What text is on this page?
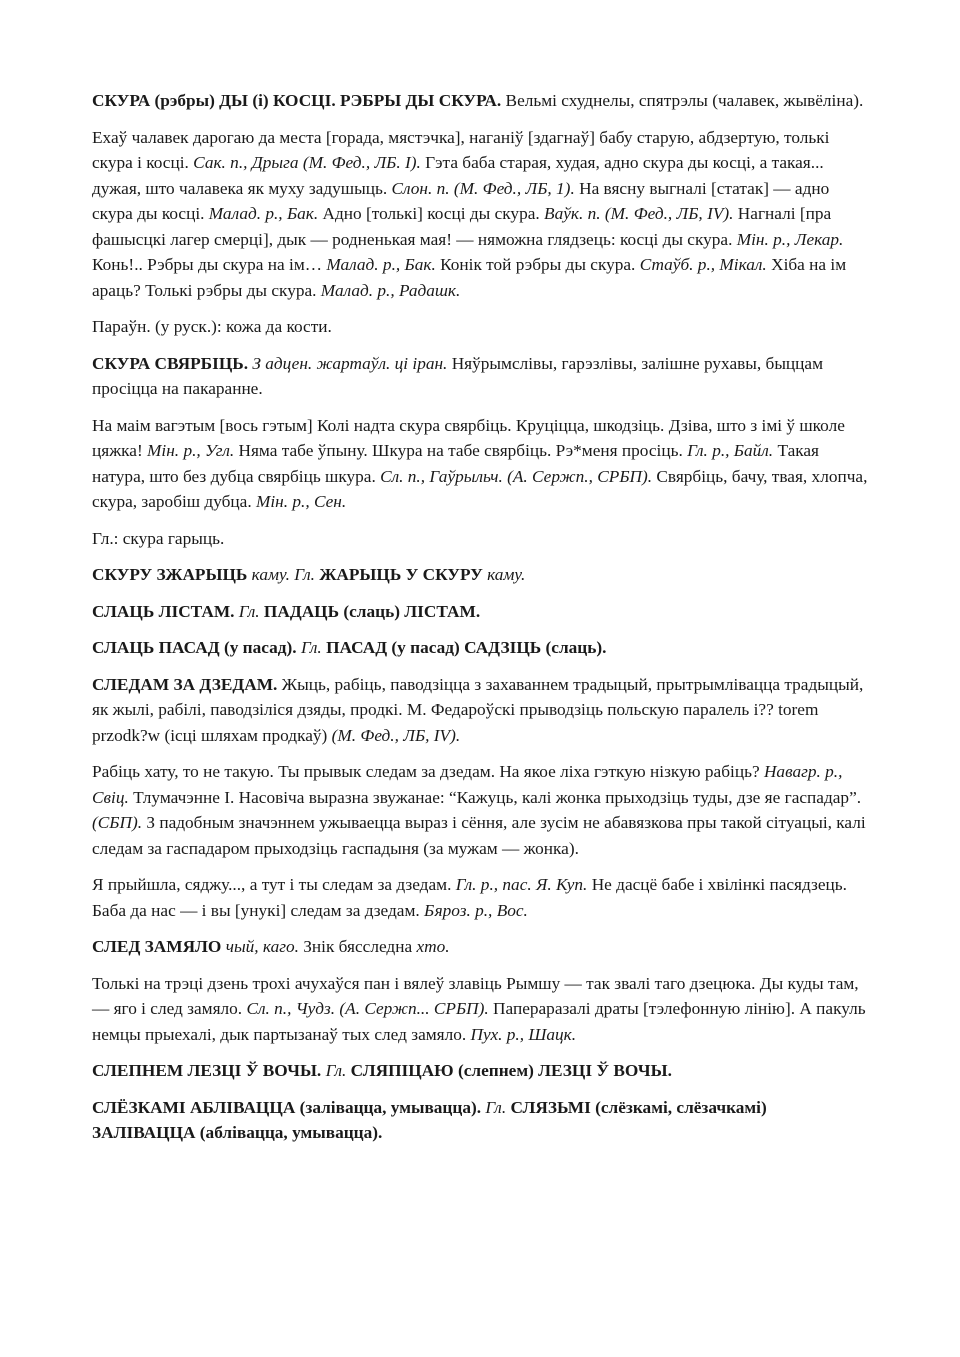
СКУРА (рэбры) ДЫ (і) КОСЦІ. РЭБРЫ ДЫ СКУРА. Вельмі схуднелы, спятрэлы (чалавек, жывёліна).

Ехаў чалавек дарогаю да места [горада, мястэчка], наганіў [здагнаў] бабу старую, абдзертую, толькі скура і косці. Сак. п., Дрыга (М. Фед., ЛБ. I). Гэта баба старая, худая, адно скура ды косці, а такая... дужая, што чалавека як муху задушыць. Слон. п. (М. Фед., ЛБ, 1). На вясну выгналі [статак] — адно скура ды косці. Малад. р., Бак. Адно [толькі] косці ды скура. Ваўк. п. (М. Фед., ЛБ, IV). Нагналі [пра фашысцкі лагер смерці], дык — родненькая мая! — няможна глядзець: косці ды скура. Мін. р., Лекар. Конь!.. Рэбры ды скура на ім… Малад. р., Бак. Конік той рэбры ды скура. Стаўб. р., Мікал. Хіба на ім араць? Толькі рэбры ды скура. Малад. р., Радашк.

Параўн. (у руск.): кожа да кости.

СКУРА СВЯРБІЦЬ. З адцен. жартаўл. ці іран. Няўрымслівы, гарэзлівы, залішне рухавы, быццам просіцца на пакаранне.

На маім вагэтым [вось гэтым] Колі надта скура свярбіць. Круціцца, шкодзіць. Дзіва, што з імі ў школе цяжка! Мін. р., Угл. Няма табе ўпыну. Шкура на табе свярбіць. Рэ*меня просіць. Гл. р., Байл. Такая натура, што без дубца свярбіць шкура. Сл. п., Гаўрыльч. (А. Сержп., СРБП). Свярбіць, бачу, твая, хлопча, скура, заробіш дубца. Мін. р., Сен.

Гл.: скура гарыць.

СКУРУ ЗЖАРЫЦЬ каму. Гл. ЖАРЫЦЬ У СКУРУ каму.

СЛАЦЬ ЛІСТАМ. Гл. ПАДАЦЬ (слаць) ЛІСТАМ.

СЛАЦЬ ПАСАД (у пасад). Гл. ПАСАД (у пасад) САДЗІЦЬ (слаць).

СЛЕДАМ ЗА ДЗЕДАМ. Жыць, рабіць, паводзіцца з захаваннем традыцый, прытрымлівацца традыцый, як жылі, рабілі, паводзіліся дзяды, продкі. М. Федароўскі прыводзіць польскую паралель і?? torem przodk?w (ісці шляхам продкаў) (М. Фед., ЛБ, IV).

Рабіць хату, то не такую. Ты прывык следам за дзедам. На якое ліха гэткую нізкую рабіць? Навагр. р., Свіц. Тлумачэнне І. Насовіча выразна звужанае: “Кажуць, калі жонка прыходзіць туды, дзе яе гаспадар”. (СБП). З падобным значэннем ужываецца выраз і сёння, але зусім не абавязкова пры такой сітуацыі, калі следам за гаспадаром прыходзіць гаспадыня (за мужам — жонка).

Я прыйшла, сяджу..., а тут і ты следам за дзедам. Гл. р., пас. Я. Куп. Не дасцё бабе і хвілінкі пасядзець. Баба да нас — і вы [унукі] следам за дзедам. Бяроз. р., Вос.

СЛЕД ЗАМЯЛО чый, каго. Знік бясследна хто.

Толькі на трэці дзень трохі ачухаўся пан і вялеў злавіць Рымшу — так звалі таго дзецюка. Ды куды там, — яго і след замяло. Сл. п., Чудз. (А. Сержп... СРБП). Папераразалі драты [тэлефонную лінію]. А пакуль немцы прыехалі, дык партызанаў тых след замяло. Пух. р., Шацк.

СЛЕПНЕМ ЛЕЗЦІ Ў ВОЧЫ. Гл. СЛЯПІЦАЮ (слепнем) ЛЕЗЦІ Ў ВОЧЫ.

СЛЁЗКАМІ АБЛІВАЦЦА (заліваццa, умывацца). Гл. СЛЯЗЬМІ (слёзкамі, слёзачкамі) ЗАЛІВАЦЦА (абліваццa, умывацца).
